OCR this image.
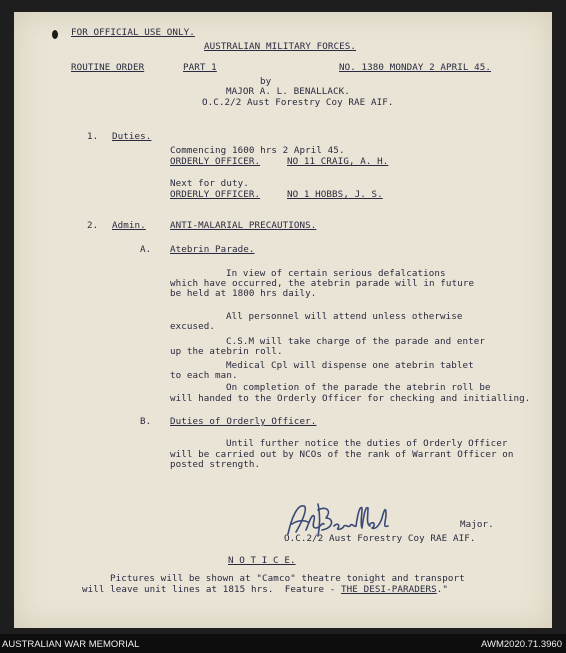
FOR OFFICIAL USE ONLY.
AUSTRALIAN MILITARY FORCES.
ROUTINE ORDER	PART 1	NO. 1380 MONDAY 2 APRIL 45.
by
MAJOR A. L. BENALLACK.
O.C.2/2 Aust Forestry Coy RAE AIF.
1. Duties.
Commencing 1600 hrs 2 April 45.
ORDERLY OFFICER.	NO 11 CRAIG, A. H.
Next for duty.
ORDERLY OFFICER.	NO 1 HOBBS, J. S.
2. Admin.	ANTI-MALARIAL PRECAUTIONS.
A. Atebrin Parade.
In view of certain serious defalcations
which have occurred, the atebrin parade will in future
be held at 1800 hrs daily.
All personnel will attend unless otherwise
excused.
C.S.M will take charge of the parade and enter
up the atebrin roll.
Medical Cpl will dispense one atebrin tablet
to each man.
On completion of the parade the atebrin roll be
will handed to the Orderly Officer for checking and initialling.
B. Duties of Orderly Officer.
Until further notice the duties of Orderly Officer
will be carried out by NCOs of the rank of Warrant Officer on
posted strength.
Major.
O.C.2/2 Aust Forestry Coy RAE AIF.
N O T I C E.
Pictures will be shown at "Camco" theatre tonight and transport
will leave unit lines at 1815 hrs.  Feature - THE DESI-PARADERS."
AUSTRALIAN WAR MEMORIAL	AWM2020.71.3960
